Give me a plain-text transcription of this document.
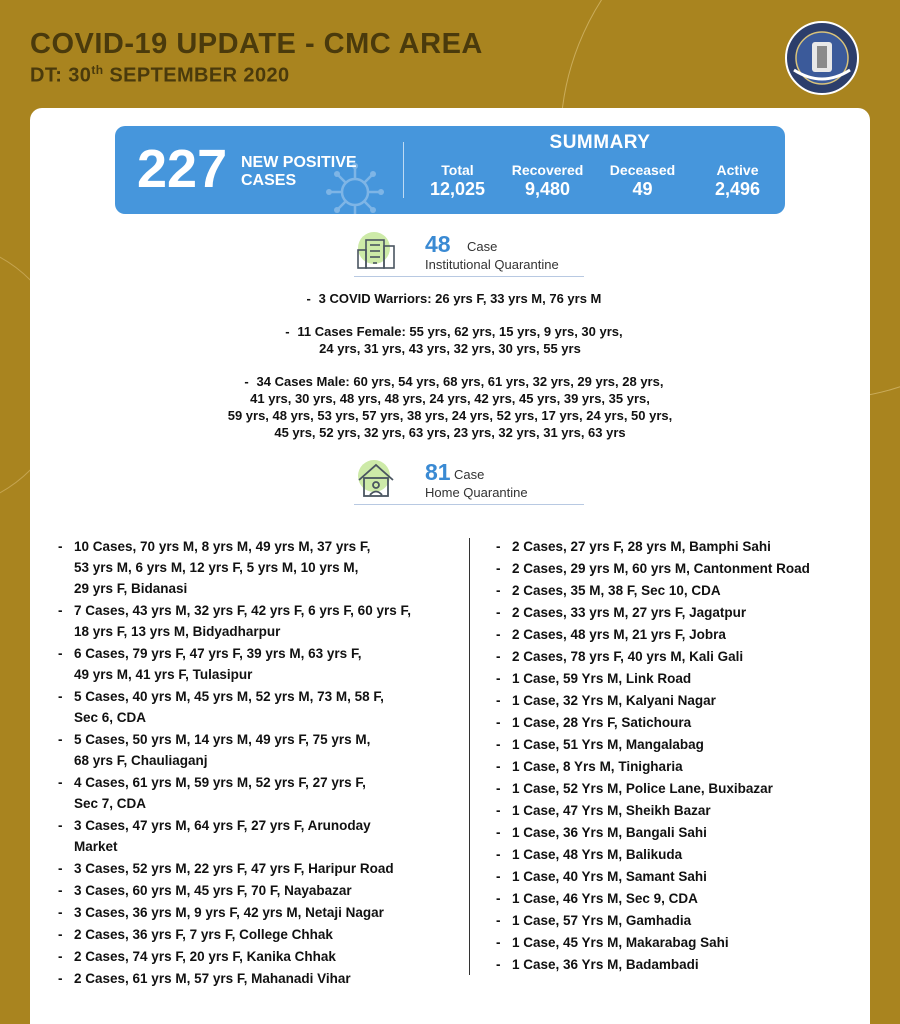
COVID-19 UPDATE - CMC AREA
DT: 30th SEPTEMBER 2020
227 NEW POSITIVE
CASES
SUMMARY
Total
12,025
Recovered
9,480
Deceased
49
Active
2,496
48 Case
Institutional Quarantine
- 3 COVID Warriors: 26 yrs F, 33 yrs M, 76 yrs M
- 11 Cases Female: 55 yrs, 62 yrs, 15 yrs, 9 yrs, 30 yrs,
24 yrs, 31 yrs, 43 yrs, 32 yrs, 30 yrs, 55 yrs
- 34 Cases Male: 60 yrs, 54 yrs, 68 yrs, 61 yrs, 32 yrs, 29 yrs, 28 yrs,
41 yrs, 30 yrs, 48 yrs, 48 yrs, 24 yrs, 42 yrs, 45 yrs, 39 yrs, 35 yrs,
59 yrs, 48 yrs, 53 yrs, 57 yrs, 38 yrs, 24 yrs, 52 yrs, 17 yrs, 24 yrs, 50 yrs,
45 yrs, 52 yrs, 32 yrs, 63 yrs, 23 yrs, 32 yrs, 31 yrs, 63 yrs
81 Case
Home Quarantine
- 10 Cases, 70 yrs M, 8 yrs M, 49 yrs M, 37 yrs F,
53 yrs M, 6 yrs M, 12 yrs F, 5 yrs M, 10 yrs M,
29 yrs F, Bidanasi
- 7 Cases, 43 yrs M, 32 yrs F, 42 yrs F, 6 yrs F, 60 yrs F,
18 yrs F, 13 yrs M, Bidyadharpur
- 6 Cases, 79 yrs F, 47 yrs F, 39 yrs M, 63 yrs F,
49 yrs M, 41 yrs F, Tulasipur
- 5 Cases, 40 yrs M, 45 yrs M, 52 yrs M, 73 M, 58 F,
Sec 6, CDA
- 5 Cases, 50 yrs M, 14 yrs M, 49 yrs F, 75 yrs M,
68 yrs F, Chauliaganj
- 4 Cases, 61 yrs M, 59 yrs M, 52 yrs F, 27 yrs F,
Sec 7, CDA
- 3 Cases, 47 yrs M, 64 yrs F, 27 yrs F, Arunoday
Market
- 3 Cases, 52 yrs M, 22 yrs F, 47 yrs F, Haripur Road
- 3 Cases, 60 yrs M, 45 yrs F, 70 F, Nayabazar
- 3 Cases, 36 yrs M, 9 yrs F, 42 yrs M, Netaji Nagar
- 2 Cases, 36 yrs F, 7 yrs F, College Chhak
- 2 Cases, 74 yrs F, 20 yrs F, Kanika Chhak
- 2 Cases, 61 yrs M, 57 yrs F, Mahanadi Vihar
- 2 Cases, 27 yrs F, 28 yrs M, Bamphi Sahi
- 2 Cases, 29 yrs M, 60 yrs M, Cantonment Road
- 2 Cases, 35 M, 38 F, Sec 10, CDA
- 2 Cases, 33 yrs M, 27 yrs F, Jagatpur
- 2 Cases, 48 yrs M, 21 yrs F, Jobra
- 2 Cases, 78 yrs F, 40 yrs M, Kali Gali
- 1 Case, 59 Yrs M, Link Road
- 1 Case, 32 Yrs M, Kalyani Nagar
- 1 Case, 28 Yrs F, Satichoura
- 1 Case, 51 Yrs M, Mangalabag
- 1 Case, 8 Yrs M, Tinigharia
- 1 Case, 52 Yrs M, Police Lane, Buxibazar
- 1 Case, 47 Yrs M, Sheikh Bazar
- 1 Case, 36 Yrs M, Bangali Sahi
- 1 Case, 48 Yrs M, Balikuda
- 1 Case, 40 Yrs M, Samant Sahi
- 1 Case, 46 Yrs M, Sec 9, CDA
- 1 Case, 57 Yrs M, Gamhadia
- 1 Case, 45 Yrs M, Makarabag Sahi
- 1 Case, 36 Yrs M, Badambadi
